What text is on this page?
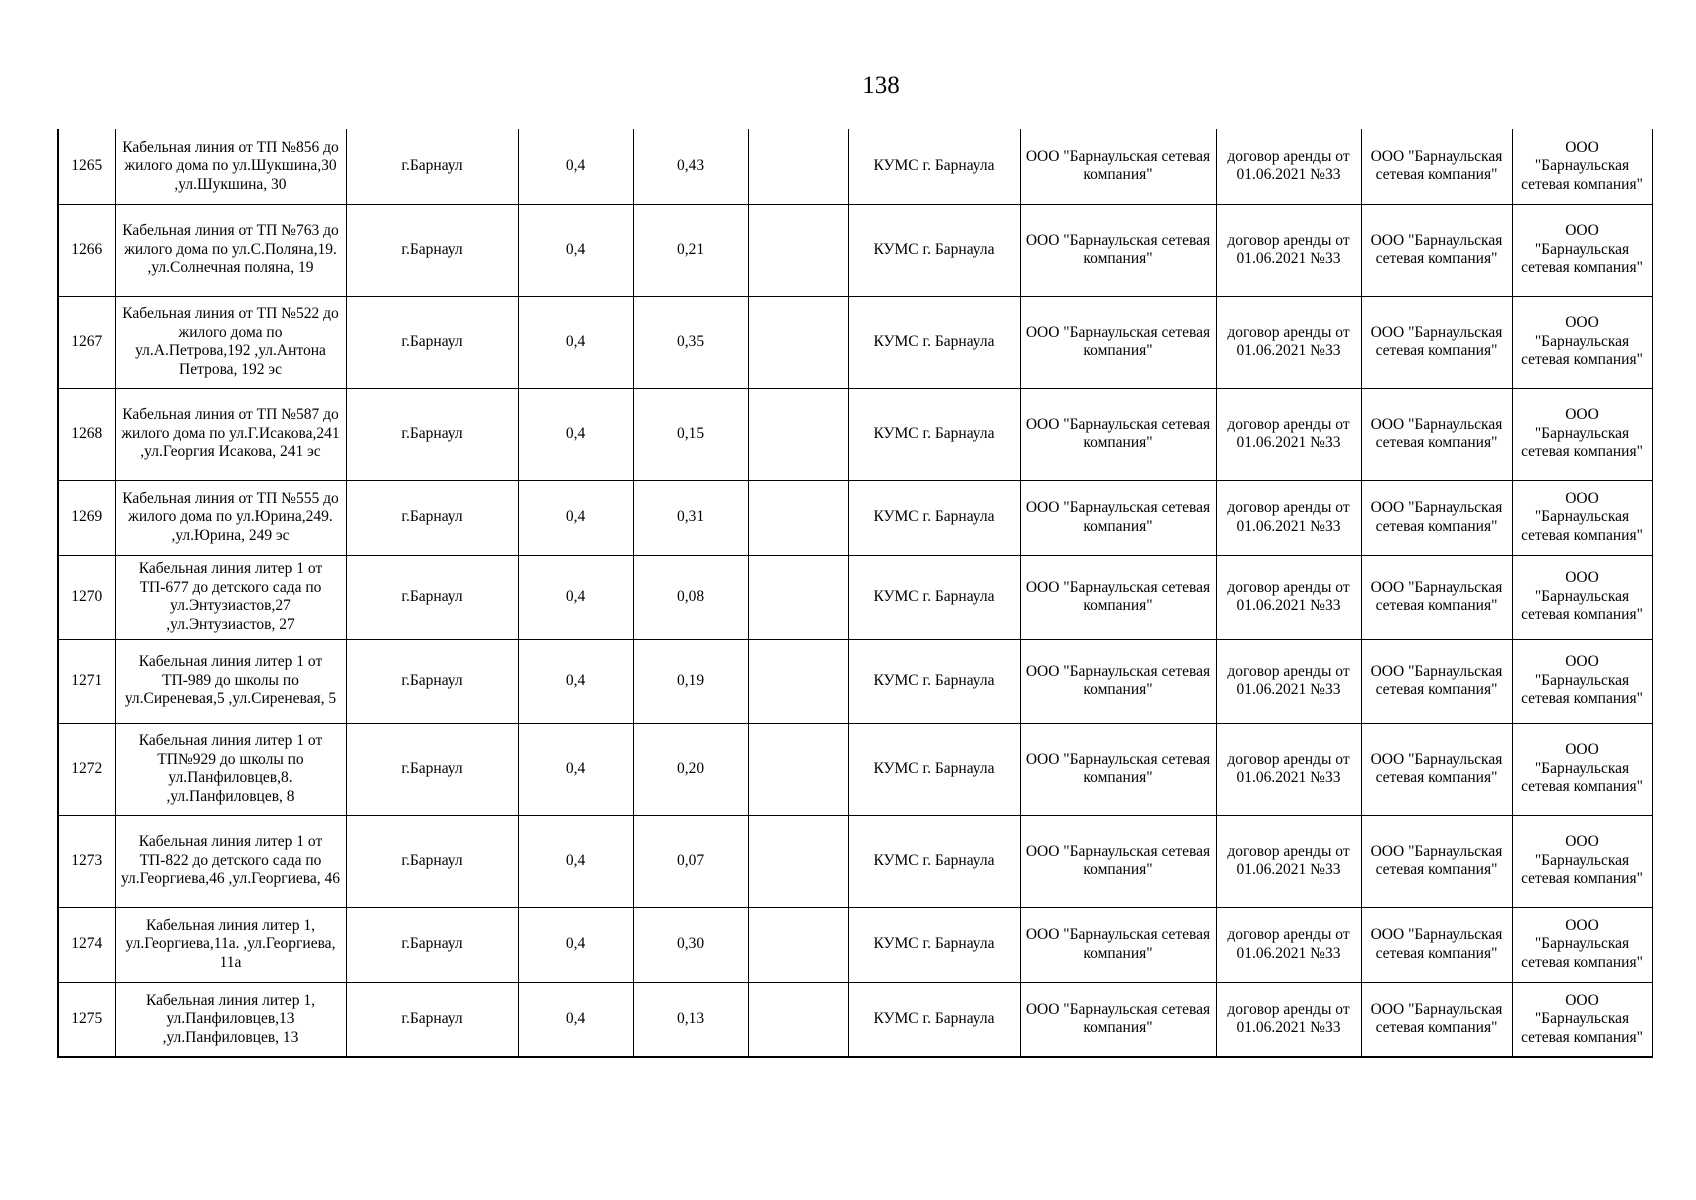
138
1265	Кабельная линия от ТП №856 до жилого дома по ул.Шукшина,30 ,ул.Шукшина, 30	г.Барнаул	0,4	0,43		КУМС г. Барнаула	ООО "Барнаульская сетевая компания"	договор аренды от 01.06.2021 №33	ООО "Барнаульская сетевая компания"	ООО "Барнаульская сетевая компания"
1266	Кабельная линия от ТП №763 до жилого дома по ул.С.Поляна,19. ,ул.Солнечная поляна, 19	г.Барнаул	0,4	0,21		КУМС г. Барнаула	ООО "Барнаульская сетевая компания"	договор аренды от 01.06.2021 №33	ООО "Барнаульская сетевая компания"	ООО "Барнаульская сетевая компания"
1267	Кабельная линия от ТП №522 до жилого дома по ул.А.Петрова,192 ,ул.Антона Петрова, 192 эс	г.Барнаул	0,4	0,35		КУМС г. Барнаула	ООО "Барнаульская сетевая компания"	договор аренды от 01.06.2021 №33	ООО "Барнаульская сетевая компания"	ООО "Барнаульская сетевая компания"
1268	Кабельная линия от ТП №587 до жилого дома по ул.Г.Исакова,241 ,ул.Георгия Исакова, 241 эс	г.Барнаул	0,4	0,15		КУМС г. Барнаула	ООО "Барнаульская сетевая компания"	договор аренды от 01.06.2021 №33	ООО "Барнаульская сетевая компания"	ООО "Барнаульская сетевая компания"
1269	Кабельная линия от ТП №555 до жилого дома по ул.Юрина,249. ,ул.Юрина, 249 эс	г.Барнаул	0,4	0,31		КУМС г. Барнаула	ООО "Барнаульская сетевая компания"	договор аренды от 01.06.2021 №33	ООО "Барнаульская сетевая компания"	ООО "Барнаульская сетевая компания"
1270	Кабельная линия литер 1 от ТП-677 до детского сада по ул.Энтузиастов,27 ,ул.Энтузиастов, 27	г.Барнаул	0,4	0,08		КУМС г. Барнаула	ООО "Барнаульская сетевая компания"	договор аренды от 01.06.2021 №33	ООО "Барнаульская сетевая компания"	ООО "Барнаульская сетевая компания"
1271	Кабельная линия литер 1 от ТП-989 до школы по ул.Сиреневая,5 ,ул.Сиреневая, 5	г.Барнаул	0,4	0,19		КУМС г. Барнаула	ООО "Барнаульская сетевая компания"	договор аренды от 01.06.2021 №33	ООО "Барнаульская сетевая компания"	ООО "Барнаульская сетевая компания"
1272	Кабельная линия литер 1 от ТП№929 до школы по ул.Панфиловцев,8. ,ул.Панфиловцев, 8	г.Барнаул	0,4	0,20		КУМС г. Барнаула	ООО "Барнаульская сетевая компания"	договор аренды от 01.06.2021 №33	ООО "Барнаульская сетевая компания"	ООО "Барнаульская сетевая компания"
1273	Кабельная линия литер 1 от ТП-822 до детского сада по ул.Георгиева,46 ,ул.Георгиева, 46	г.Барнаул	0,4	0,07		КУМС г. Барнаула	ООО "Барнаульская сетевая компания"	договор аренды от 01.06.2021 №33	ООО "Барнаульская сетевая компания"	ООО "Барнаульская сетевая компания"
1274	Кабельная линия литер 1, ул.Георгиева,11а. ,ул.Георгиева, 11а	г.Барнаул	0,4	0,30		КУМС г. Барнаула	ООО "Барнаульская сетевая компания"	договор аренды от 01.06.2021 №33	ООО "Барнаульская сетевая компания"	ООО "Барнаульская сетевая компания"
1275	Кабельная линия литер 1, ул.Панфиловцев,13 ,ул.Панфиловцев, 13	г.Барнаул	0,4	0,13		КУМС г. Барнаула	ООО "Барнаульская сетевая компания"	договор аренды от 01.06.2021 №33	ООО "Барнаульская сетевая компания"	ООО "Барнаульская сетевая компания"
